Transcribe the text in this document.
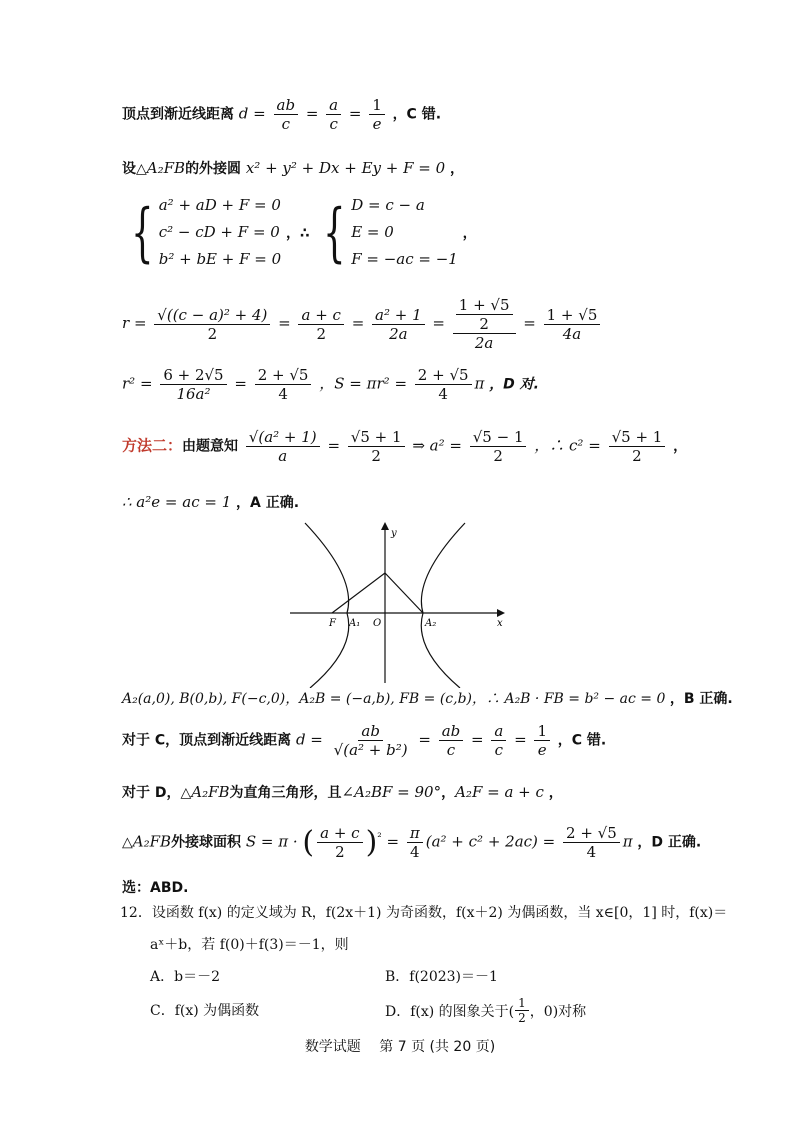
顶点到渐近线距离 $d = \frac{ab}{c} = \frac{a}{c} = \frac{1}{e}$ ，C 错.
设△A₂FB的外接圆 x² + y² + Dx + Ey + F = 0 ，
{ a² + aD + F = 0
c² − cD + F = 0
b² + bE + F = 0
，∴ { D = c − a
E = 0
F = −ac = −1
，
$r = \frac{\text{√((c − a)² + 4)}}{2} = \frac{a + c}{2} = \frac{\text{a² + 1}}{2a} = \frac{\frac{1 + √5}{2}}{2a} = \frac{1 + √5}{4a}$
$r^2 = \frac{6 + 2√5}{\text{16a²}} = \frac{2 + √5}{4}$ ，$S = \pi r^2 = \frac{2 + √5}{4}$ π ，D 对.
方法二：由题意知 $\frac{\text{√(a² + 1)}}{a} = \frac{√5 + 1}{2}$ ⇒ $a^2 = \frac{√5 - 1}{2}$ ，∴ $c^2 = \frac{√5 + 1}{2}$ ，
∴ a²e = ac = 1 ，A 正确.
y
x
F A₁ O	A₂
A₂(a,0), B(0,b), F(−c,0)，A₂B = (−a,b), FB = (c,b)，∴ A₂B · FB = b² − ac = 0 ，B 正确.
对于 C，顶点到渐近线距离 $d = \frac{ab}{\text{√(a² + b²)}} = \frac{ab}{c} = \frac{a}{c} = \frac{1}{e}$ ，C 错.
对于 D，△A₂FB为直角三角形，且∠A₂BF = 90°，A₂F = a + c ，
△A₂FB外接球面积 S = π · ( $\frac{a + c}{2} )^{^2} = \frac{\pi}{4} (a^2 + c^2 + 2ac) = \frac{2 + √5}{4}$ π ，D 正确.
选：ABD.
12．设函数 f(x) 的定义域为 R，f(2x＋1) 为奇函数，f(x＋2) 为偶函数，当 x∈[0，1] 时，f(x)＝
aˣ＋b，若 f(0)＋f(3)＝－1，则
A．b＝－2	B．f(2023)＝－1
C．f(x) 为偶函数	D．f(x) 的图象关于( $\frac{1}{2}$ ，0)对称
数学试题　 第 7 页 (共 20 页)
